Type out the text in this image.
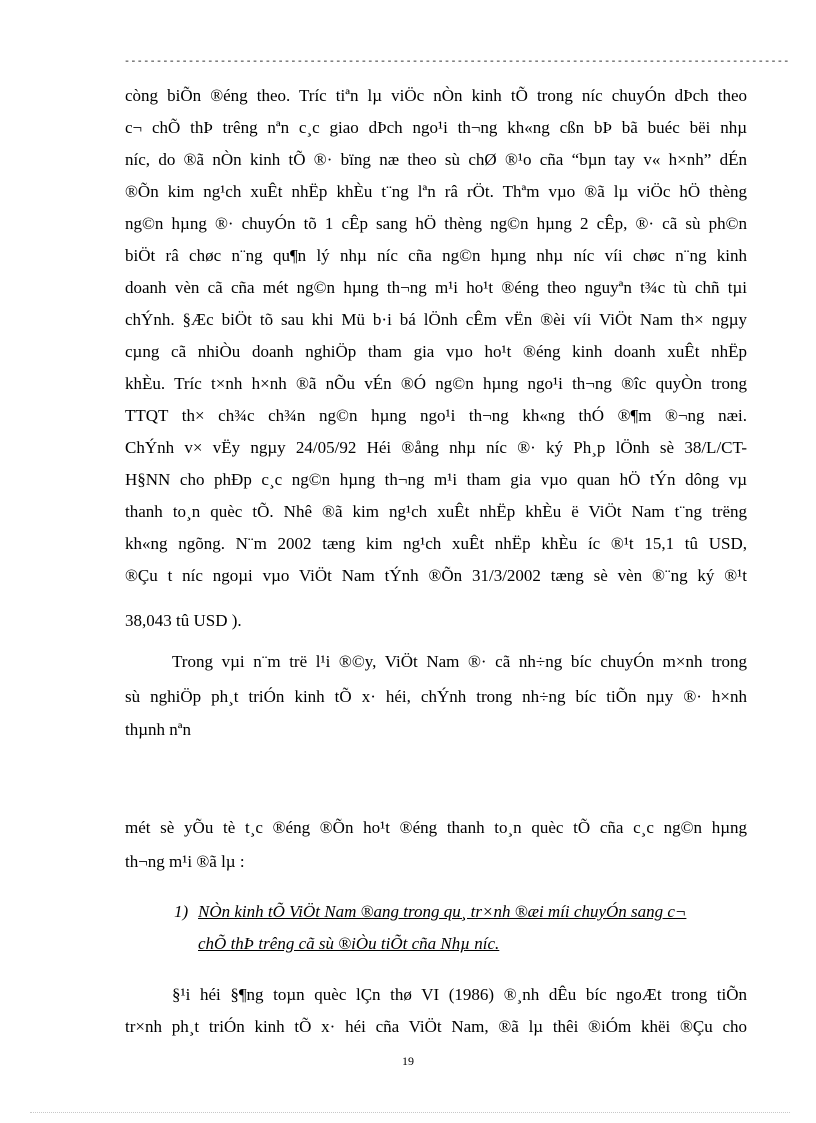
--------------------------------------------------------------------------------------------------------
còng biÕn ®éng theo. Tríc tiªn lµ viÖc nÒn kinh tÕ trong níc chuyÓn dÞch theo
c¬ chÕ thÞ trêng nªn c¸c giao dÞch ngo¹i th¬ng kh«ng cßn bÞ bã buéc bëi nhµ
níc, do ®ã nÒn kinh tÕ ®· bïng næ theo sù chØ ®¹o cña “bµn tay v« h×nh” dÉn
®Õn kim ng¹ch xuÊt nhËp khÈu t¨ng lªn râ rÖt. Thªm vµo ®ã lµ viÖc hÖ thèng
ng©n hµng ®· chuyÓn tõ 1 cÊp sang hÖ thèng ng©n hµng 2 cÊp, ®· cã sù ph©n
biÖt râ chøc n¨ng qu¶n lý nhµ níc cña ng©n hµng nhµ níc víi chøc n¨ng kinh
doanh vèn cã cña mét ng©n hµng th¬ng m¹i ho¹t ®éng theo nguyªn t¾c tù chñ tµi
chÝnh. §Æc biÖt tõ sau khi Mü b·i bá lÖnh cÊm vËn ®èi víi ViÖt Nam th× ngµy
cµng cã nhiÒu doanh nghiÖp tham gia vµo ho¹t ®éng kinh doanh xuÊt nhËp
khÈu. Tríc t×nh h×nh ®ã nÕu vÉn ®Ó ng©n hµng ngo¹i th¬ng ®îc quyÒn trong
TTQT th× ch¾c ch¾n ng©n hµng ngo¹i th¬ng kh«ng thÓ ®¶m ®¬ng næi.
ChÝnh v× vËy ngµy 24/05/92 Héi ®ång nhµ níc ®· ký Ph¸p lÖnh sè 38/L/CT-
H§NN cho phÐp c¸c ng©n hµng th¬ng m¹i tham gia vµo quan hÖ tÝn dông vµ
thanh to¸n quèc tÕ. Nhê ®ã kim ng¹ch xuÊt nhËp khÈu ë ViÖt Nam t¨ng trëng
kh«ng ngõng. N¨m 2002 tæng kim ng¹ch xuÊt nhËp khÈu íc ®¹t 15,1 tû USD,
®Çu t níc ngoµi vµo ViÖt Nam tÝnh ®Õn 31/3/2002 tæng sè vèn ®¨ng ký ®¹t
38,043 tû USD ).
Trong vµi n¨m trë l¹i ®©y, ViÖt Nam ®· cã nh÷ng bíc chuyÓn m×nh trong
sù nghiÖp ph¸t triÓn kinh tÕ x· héi, chÝnh trong nh÷ng bíc tiÕn nµy ®· h×nh
thµnh nªn
mét sè yÕu tè t¸c ®éng ®Õn ho¹t ®éng thanh to¸n quèc tÕ cña c¸c ng©n hµng
th¬ng m¹i ®ã lµ :
1) NÒn kinh tÕ ViÖt Nam ®ang trong qu¸ tr×nh ®æi míi chuyÓn sang c¬
chÕ thÞ trêng cã sù ®iÒu tiÕt cña Nhµ níc.
§¹i héi §¶ng toµn quèc lÇn thø VI (1986) ®¸nh dÊu bíc ngoÆt trong tiÕn
tr×nh ph¸t triÓn kinh tÕ x· héi cña ViÖt Nam, ®ã lµ thêi ®iÓm khëi ®Çu cho
19
